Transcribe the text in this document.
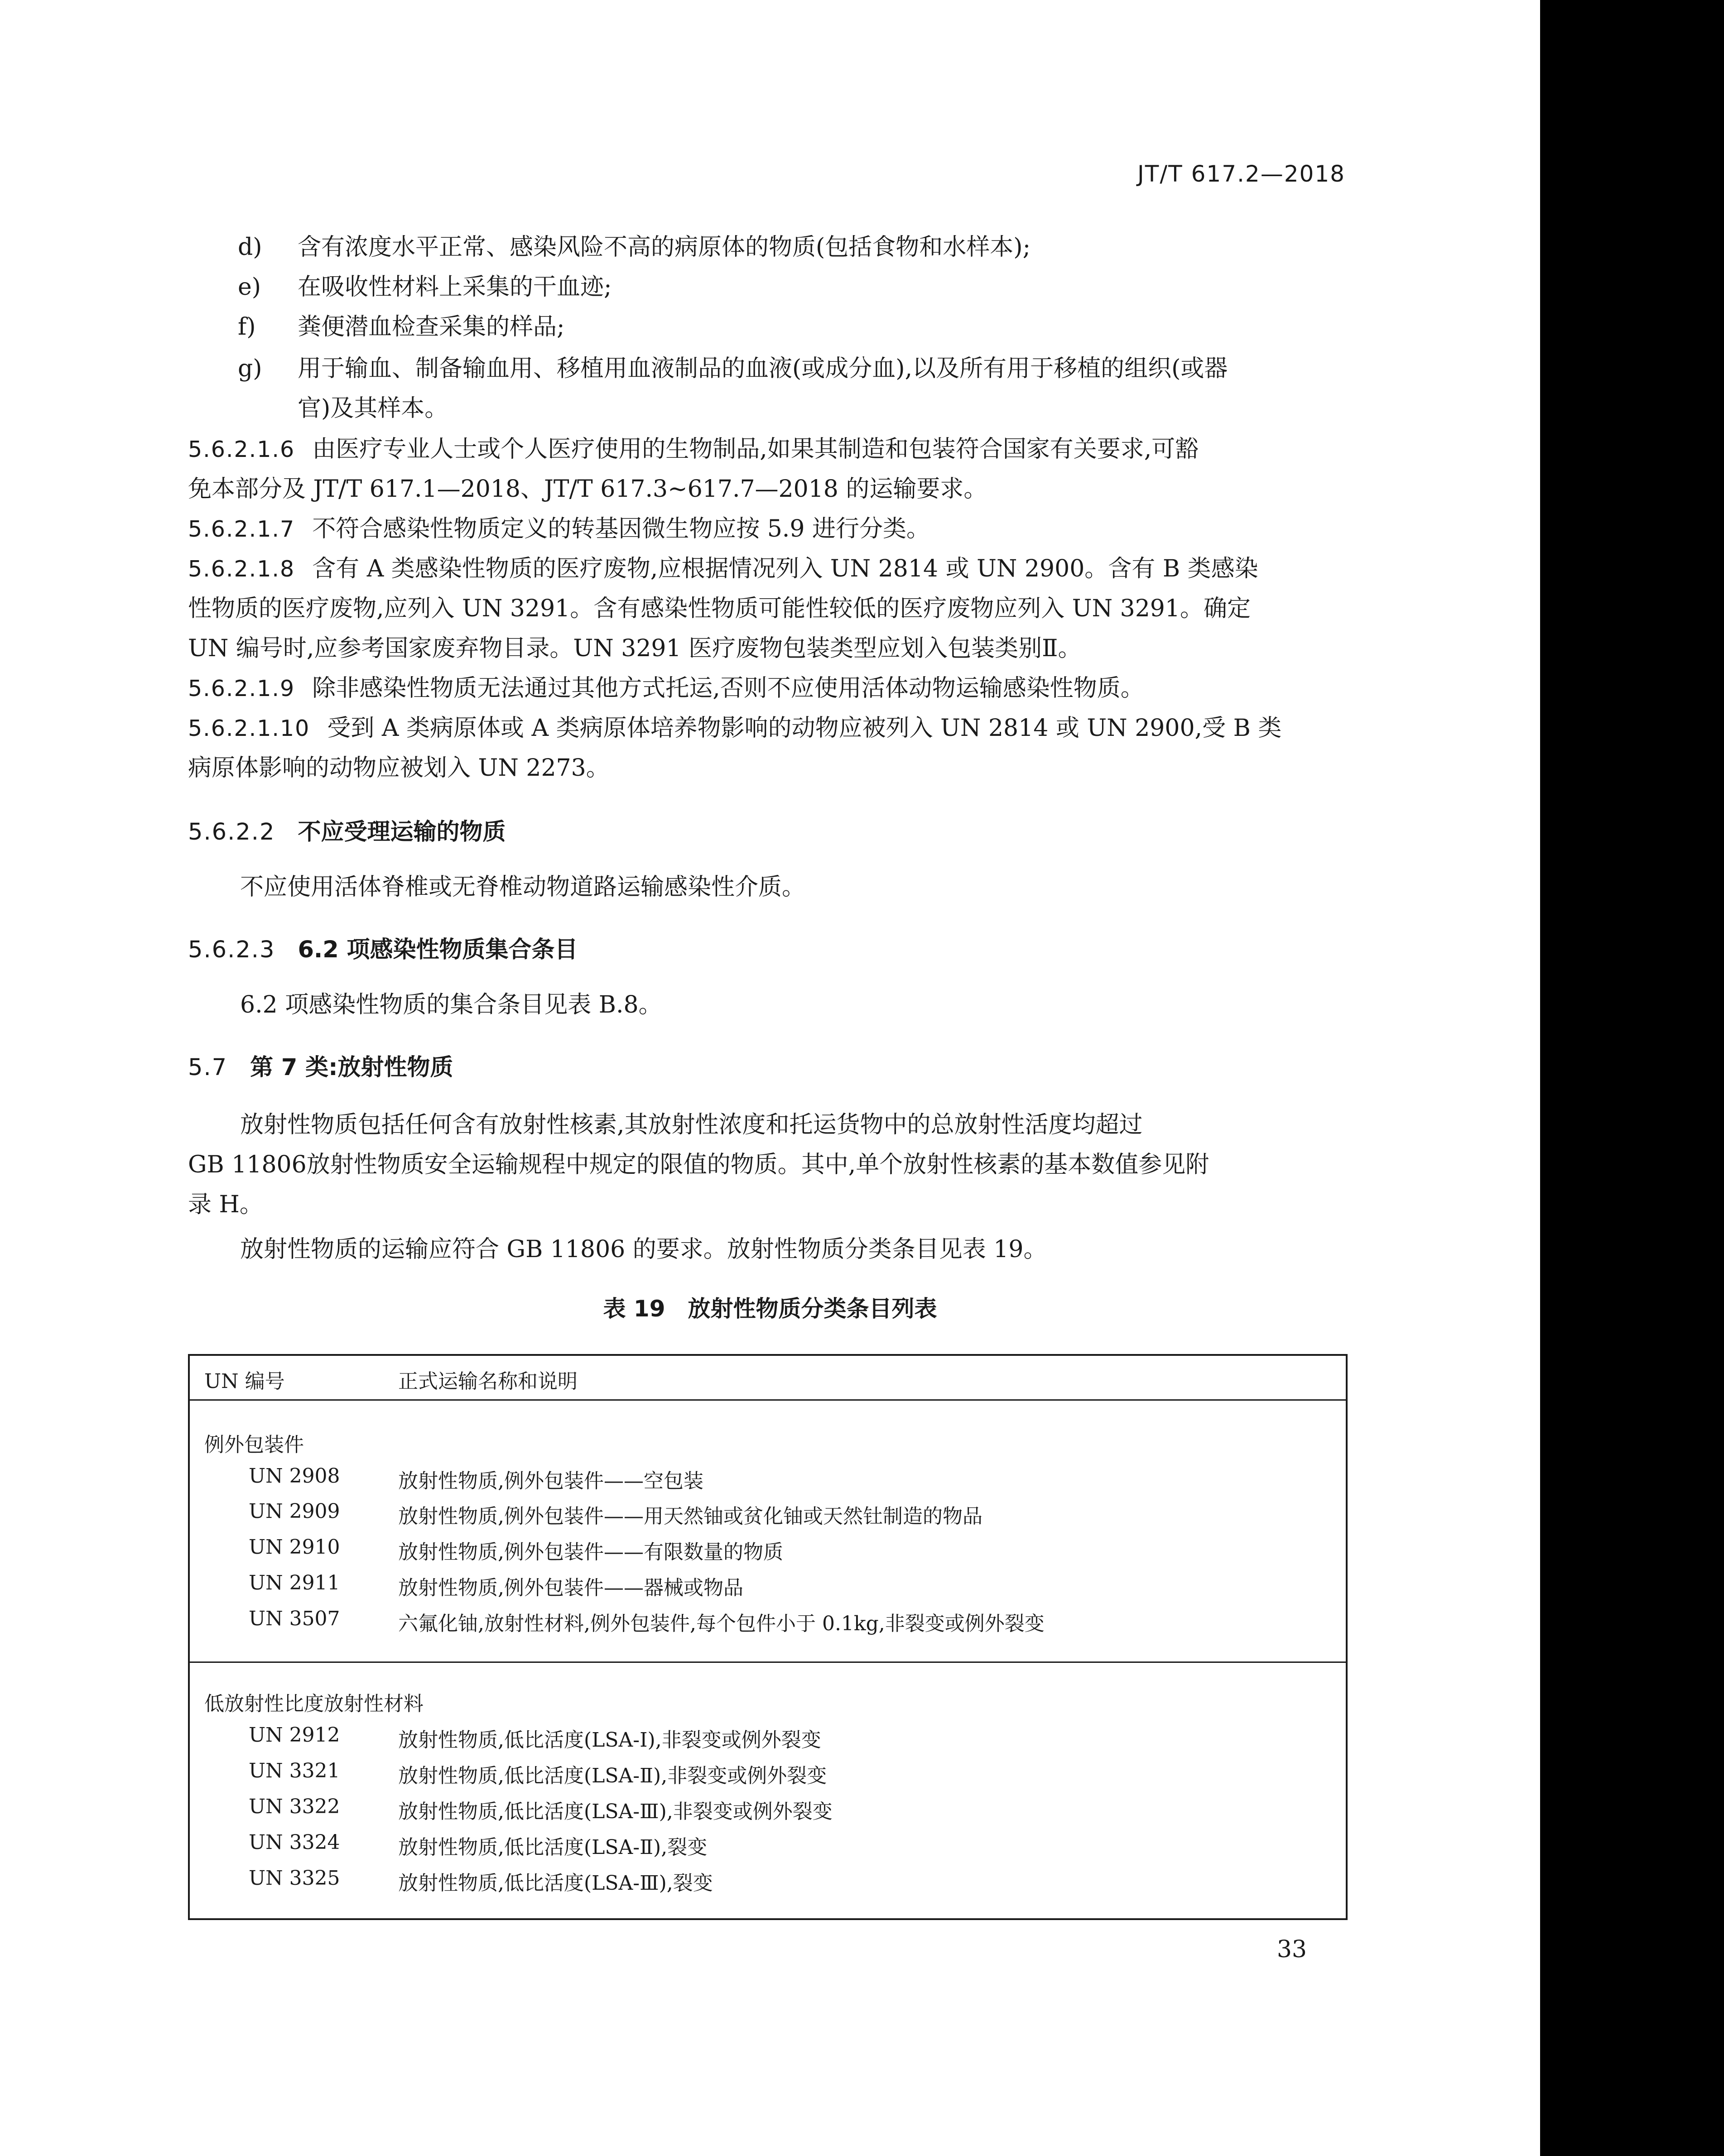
JT/T 617.2—2018
d) 含有浓度水平正常、感染风险不高的病原体的物质(包括食物和水样本);
e) 在吸收性材料上采集的干血迹;
f) 粪便潜血检查采集的样品;
g) 用于输血、制备输血用、移植用血液制品的血液(或成分血),以及所有用于移植的组织(或器
官)及其样本。
5.6.2.1.6 由医疗专业人士或个人医疗使用的生物制品,如果其制造和包装符合国家有关要求,可豁
免本部分及 JT/T 617.1—2018、JT/T 617.3~617.7—2018 的运输要求。
5.6.2.1.7 不符合感染性物质定义的转基因微生物应按 5.9 进行分类。
5.6.2.1.8 含有 A 类感染性物质的医疗废物,应根据情况列入 UN 2814 或 UN 2900。含有 B 类感染
性物质的医疗废物,应列入 UN 3291。含有感染性物质可能性较低的医疗废物应列入 UN 3291。确定
UN 编号时,应参考国家废弃物目录。UN 3291 医疗废物包装类型应划入包装类别Ⅱ。
5.6.2.1.9 除非感染性物质无法通过其他方式托运,否则不应使用活体动物运输感染性物质。
5.6.2.1.10 受到 A 类病原体或 A 类病原体培养物影响的动物应被列入 UN 2814 或 UN 2900,受 B 类
病原体影响的动物应被划入 UN 2273。
5.6.2.2 不应受理运输的物质
不应使用活体脊椎或无脊椎动物道路运输感染性介质。
5.6.2.3 6.2 项感染性物质集合条目
6.2 项感染性物质的集合条目见表 B.8。
5.7 第 7 类:放射性物质
放射性物质包括任何含有放射性核素,其放射性浓度和托运货物中的总放射性活度均超过
GB 11806放射性物质安全运输规程中规定的限值的物质。其中,单个放射性核素的基本数值参见附
录 H。
放射性物质的运输应符合 GB 11806 的要求。放射性物质分类条目见表 19。
表 19　放射性物质分类条目列表
UN 编号	正式运输名称和说明
例外包装件
UN 2908	放射性物质,例外包装件——空包装
UN 2909	放射性物质,例外包装件——用天然铀或贫化铀或天然钍制造的物品
UN 2910	放射性物质,例外包装件——有限数量的物质
UN 2911	放射性物质,例外包装件——器械或物品
UN 3507	六氟化铀,放射性材料,例外包装件,每个包件小于 0.1kg,非裂变或例外裂变
低放射性比度放射性材料
UN 2912	放射性物质,低比活度(LSA-Ⅰ),非裂变或例外裂变
UN 3321	放射性物质,低比活度(LSA-Ⅱ),非裂变或例外裂变
UN 3322	放射性物质,低比活度(LSA-Ⅲ),非裂变或例外裂变
UN 3324	放射性物质,低比活度(LSA-Ⅱ),裂变
UN 3325	放射性物质,低比活度(LSA-Ⅲ),裂变
33
